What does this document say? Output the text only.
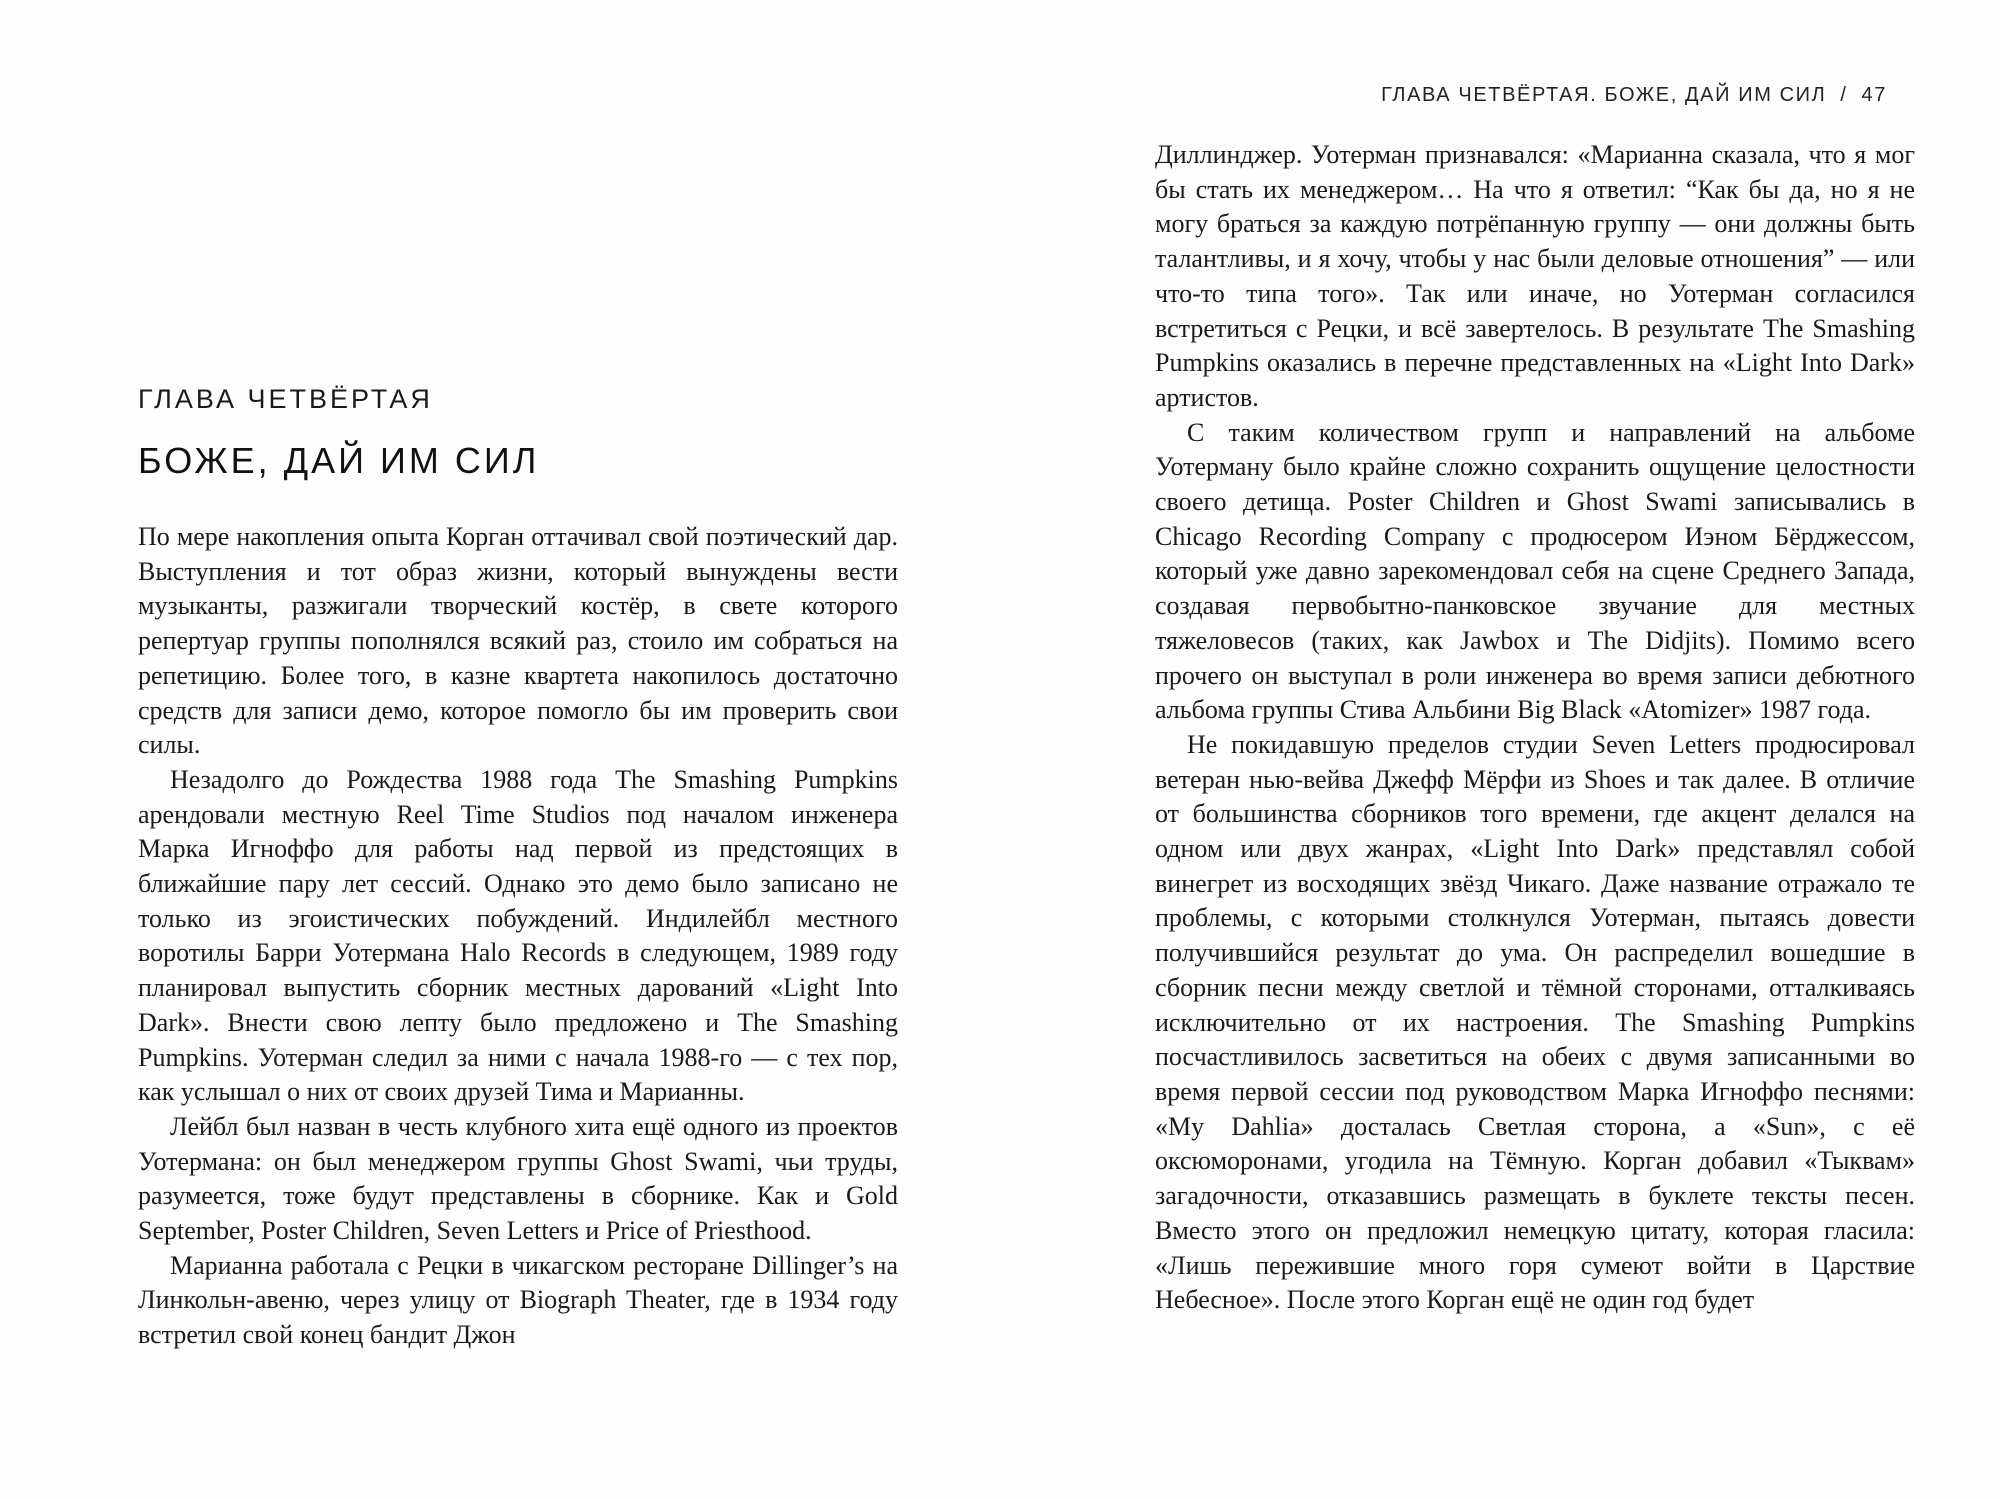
ГЛАВА ЧЕТВЁРТАЯ
БОЖЕ, ДАЙ ИМ СИЛ

По мере накопления опыта Корган оттачивал свой поэтический дар. Выступления и тот образ жизни, который вынуждены вести музыканты, разжигали творческий костёр, в свете которого репертуар группы пополнялся всякий раз, стоило им собраться на репетицию. Более того, в казне квартета накопилось достаточно средств для записи демо, которое помогло бы им проверить свои силы.

Незадолго до Рождества 1988 года The Smashing Pumpkins арендовали местную Reel Time Studios под началом инженера Марка Игноффо для работы над первой из предстоящих в ближайшие пару лет сессий. Однако это демо было записано не только из эгоистических побуждений. Индилейбл местного воротилы Барри Уотермана Halo Records в следующем, 1989 году планировал выпустить сборник местных дарований «Light Into Dark». Внести свою лепту было предложено и The Smashing Pumpkins. Уотерман следил за ними с начала 1988-го — с тех пор, как услышал о них от своих друзей Тима и Марианны.

Лейбл был назван в честь клубного хита ещё одного из проектов Уотермана: он был менеджером группы Ghost Swami, чьи труды, разумеется, тоже будут представлены в сборнике. Как и Gold September, Poster Children, Seven Letters и Price of Priesthood.

Марианна работала с Рецки в чикагском ресторане Dillinger’s на Линкольн-авеню, через улицу от Biograph Theater, где в 1934 году встретил свой конец бандит Джон

ГЛАВА ЧЕТВЁРТАЯ. БОЖЕ, ДАЙ ИМ СИЛ / 47

Диллинджер. Уотерман признавался: «Марианна сказала, что я мог бы стать их менеджером… На что я ответил: “Как бы да, но я не могу браться за каждую потрёпанную группу — они должны быть талантливы, и я хочу, чтобы у нас были деловые отношения” — или что-то типа того». Так или иначе, но Уотерман согласился встретиться с Рецки, и всё завертелось. В результате The Smashing Pumpkins оказались в перечне представленных на «Light Into Dark» артистов.

С таким количеством групп и направлений на альбоме Уотерману было крайне сложно сохранить ощущение целостности своего детища. Poster Children и Ghost Swami записывались в Chicago Recording Company с продюсером Иэном Бёрджессом, который уже давно зарекомендовал себя на сцене Среднего Запада, создавая первобытно-панковское звучание для местных тяжеловесов (таких, как Jawbox и The Didjits). Помимо всего прочего он выступал в роли инженера во время записи дебютного альбома группы Стива Альбини Big Black «Atomizer» 1987 года.

Не покидавшую пределов студии Seven Letters продюсировал ветеран нью-вейва Джефф Мёрфи из Shoes и так далее. В отличие от большинства сборников того времени, где акцент делался на одном или двух жанрах, «Light Into Dark» представлял собой винегрет из восходящих звёзд Чикаго. Даже название отражало те проблемы, с которыми столкнулся Уотерман, пытаясь довести получившийся результат до ума. Он распределил вошедшие в сборник песни между светлой и тёмной сторонами, отталкиваясь исключительно от их настроения. The Smashing Pumpkins посчастливилось засветиться на обеих с двумя записанными во время первой сессии под руководством Марка Игноффо песнями: «My Dahlia» досталась Светлая сторона, а «Sun», с её оксюморонами, угодила на Тёмную. Корган добавил «Тыквам» загадочности, отказавшись размещать в буклете тексты песен. Вместо этого он предложил немецкую цитату, которая гласила: «Лишь пережившие много горя сумеют войти в Царствие Небесное». После этого Корган ещё не один год будет
